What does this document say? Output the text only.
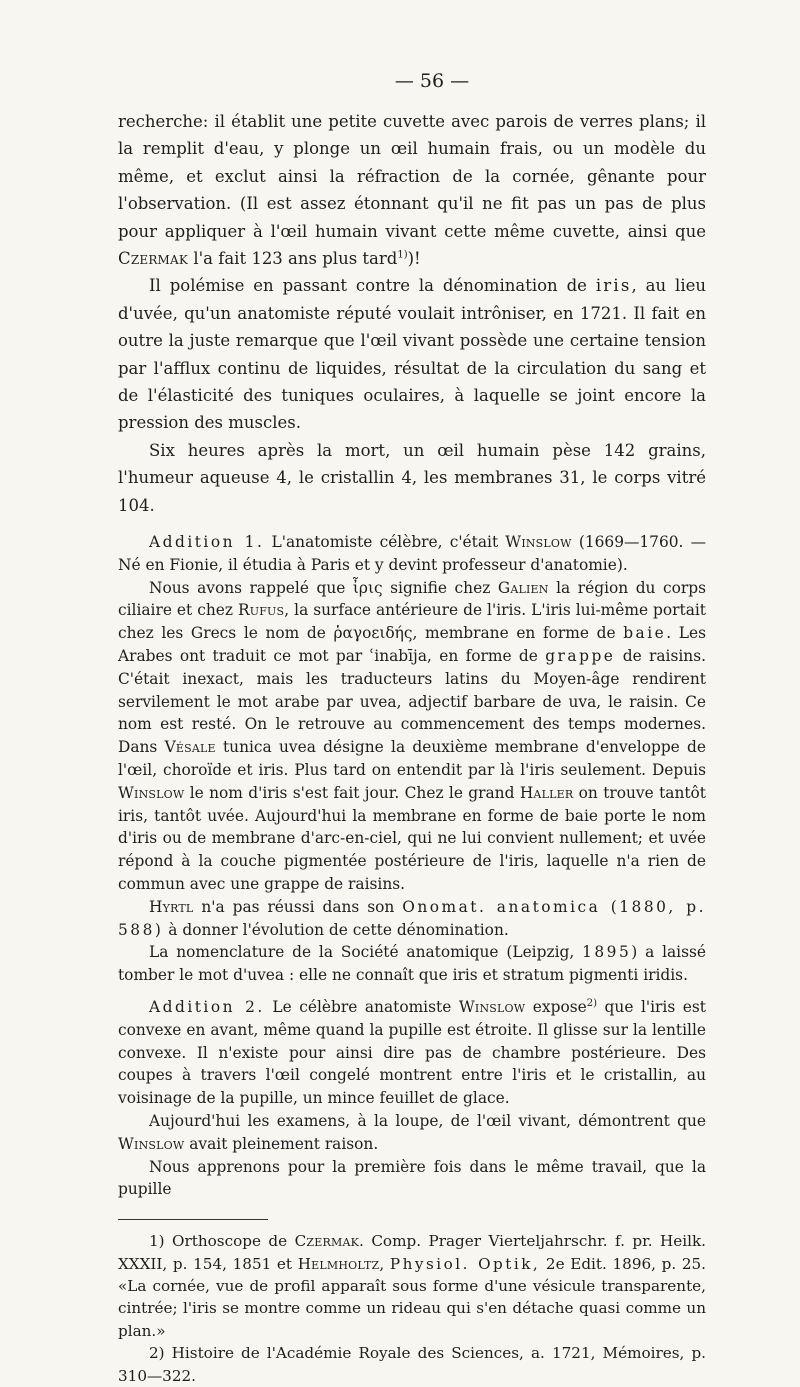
— 56 —

recherche: il établit une petite cuvette avec parois de verres plans; il la remplit d'eau, y plonge un œil humain frais, ou un modèle du même, et exclut ainsi la réfraction de la cornée, gênante pour l'observation. (Il est assez étonnant qu'il ne fit pas un pas de plus pour appliquer à l'œil humain vivant cette même cuvette, ainsi que Czermak l'a fait 123 ans plus tard$^{1)}$)!

Il polémise en passant contre la dénomination de iris, au lieu d'uvée, qu'un anatomiste réputé voulait intrôniser, en 1721. Il fait en outre la juste remarque que l'œil vivant possède une certaine tension par l'afflux continu de liquides, résultat de la circulation du sang et de l'élasticité des tuniques oculaires, à laquelle se joint encore la pression des muscles.

Six heures après la mort, un œil humain pèse 142 grains, l'humeur aqueuse 4, le cristallin 4, les membranes 31, le corps vitré 104.

Addition 1. L'anatomiste célèbre, c'était Winslow (1669—1760. — Né en Fionie, il étudia à Paris et y devint professeur d'anatomie).

Nous avons rappelé que ἶρις signifie chez Galien la région du corps ciliaire et chez Rufus, la surface antérieure de l'iris. L'iris lui-même portait chez les Grecs le nom de ῥαγοειδής, membrane en forme de baie. Les Arabes ont traduit ce mot par ʿinabīja, en forme de grappe de raisins. C'était inexact, mais les traducteurs latins du Moyen-âge rendirent servilement le mot arabe par uvea, adjectif barbare de uva, le raisin. Ce nom est resté. On le retrouve au commencement des temps modernes. Dans Vésale tunica uvea désigne la deuxième membrane d'enveloppe de l'œil, choroïde et iris. Plus tard on entendit par là l'iris seulement. Depuis Winslow le nom d'iris s'est fait jour. Chez le grand Haller on trouve tantôt iris, tantôt uvée. Aujourd'hui la membrane en forme de baie porte le nom d'iris ou de membrane d'arc-en-ciel, qui ne lui convient nullement; et uvée répond à la couche pigmentée postérieure de l'iris, laquelle n'a rien de commun avec une grappe de raisins.

Hyrtl n'a pas réussi dans son Onomat. anatomica (1880, p. 588) à donner l'évolution de cette dénomination.

La nomenclature de la Société anatomique (Leipzig, 1895) a laissé tomber le mot d'uvea : elle ne connaît que iris et stratum pigmenti iridis.

Addition 2. Le célèbre anatomiste Winslow expose$^{2)}$ que l'iris est convexe en avant, même quand la pupille est étroite. Il glisse sur la lentille convexe. Il n'existe pour ainsi dire pas de chambre postérieure. Des coupes à travers l'œil congelé montrent entre l'iris et le cristallin, au voisinage de la pupille, un mince feuillet de glace.

Aujourd'hui les examens, à la loupe, de l'œil vivant, démontrent que Winslow avait pleinement raison.

Nous apprenons pour la première fois dans le même travail, que la pupille

1) Orthoscope de Czermak. Comp. Prager Vierteljahrschr. f. pr. Heilk. XXXII, p. 154, 1851 et Helmholtz, Physiol. Optik, 2e Edit. 1896, p. 25. «La cornée, vue de profil apparaît sous forme d'une vésicule transparente, cintrée; l'iris se montre comme un rideau qui s'en détache quasi comme un plan.»

2) Histoire de l'Académie Royale des Sciences, a. 1721, Mémoires, p. 310—322.
